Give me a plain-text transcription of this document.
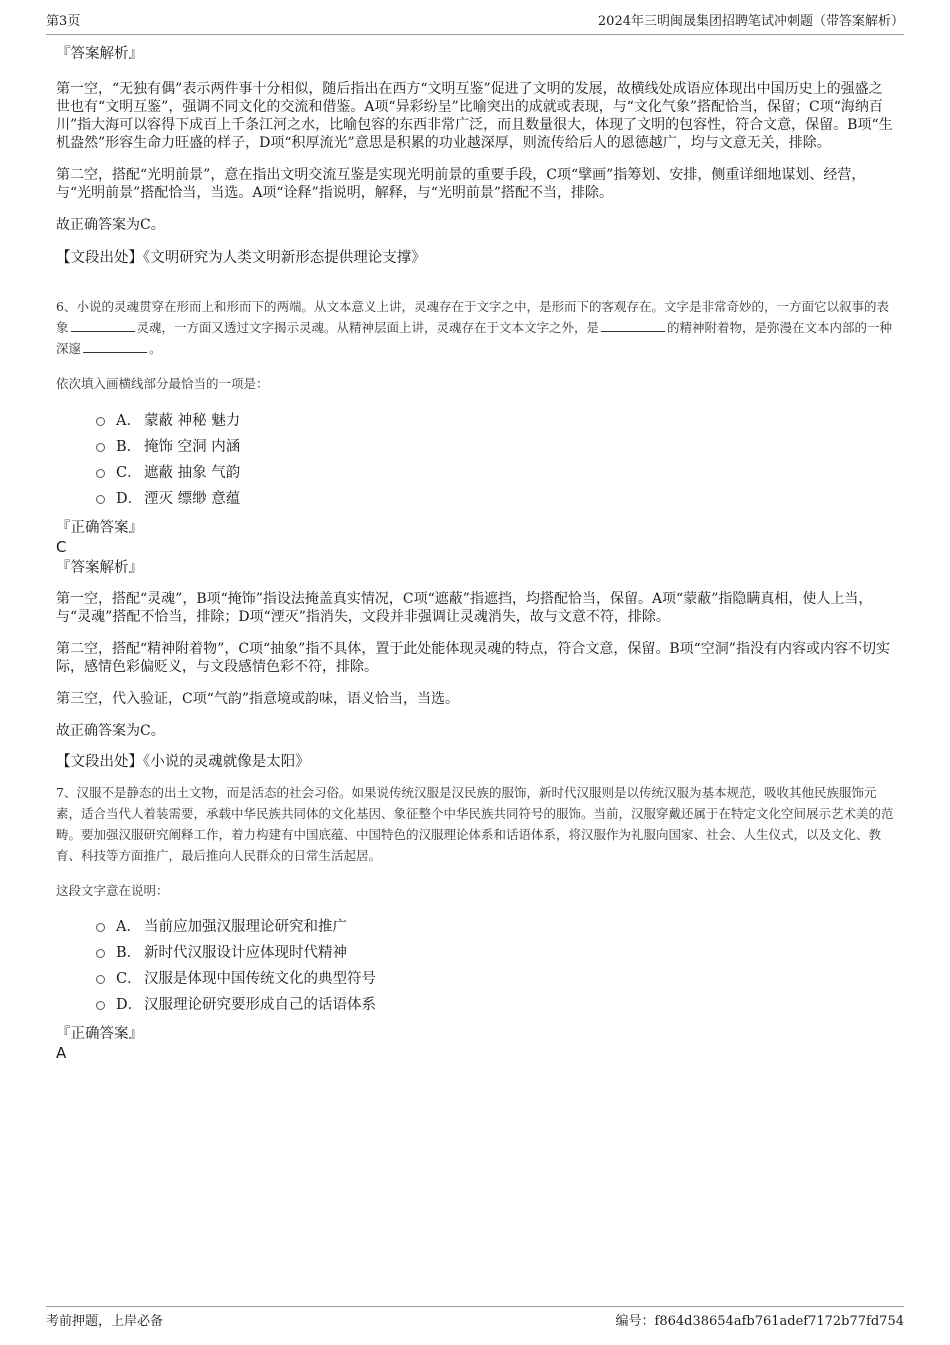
第3页	2024年三明闽晟集团招聘笔试冲刺题（带答案解析）

『答案解析』

第一空，“无独有偶”表示两件事十分相似，随后指出在西方“文明互鉴”促进了文明的发展，故横线处成语应体现出中国历史上的强盛之世也有“文明互鉴”，强调不同文化的交流和借鉴。A项“异彩纷呈”比喻突出的成就或表现，与“文化气象”搭配恰当，保留；C项“海纳百川”指大海可以容得下成百上千条江河之水，比喻包容的东西非常广泛，而且数量很大，体现了文明的包容性，符合文意，保留。B项“生机盎然”形容生命力旺盛的样子，D项“积厚流光”意思是积累的功业越深厚，则流传给后人的恩德越广，均与文意无关，排除。

第二空，搭配“光明前景”，意在指出文明交流互鉴是实现光明前景的重要手段，C项“擘画”指筹划、安排，侧重详细地谋划、经营，与“光明前景”搭配恰当，当选。A项“诠释”指说明，解释，与“光明前景”搭配不当，排除。

故正确答案为C。

【文段出处】《文明研究为人类文明新形态提供理论支撑》

6、小说的灵魂贯穿在形而上和形而下的两端。从文本意义上讲，灵魂存在于文字之中，是形而下的客观存在。文字是非常奇妙的，一方面它以叙事的表象	灵魂，一方面又透过文字揭示灵魂。从精神层面上讲，灵魂存在于文本文字之外，是	的精神附着物，是弥漫在文本内部的一种深邃	。

依次填入画横线部分最恰当的一项是：

A． 蒙蔽 神秘 魅力
B． 掩饰 空洞 内涵
C． 遮蔽 抽象 气韵
D． 湮灭 缥缈 意蕴

『正确答案』

C

『答案解析』

第一空，搭配“灵魂”，B项“掩饰”指设法掩盖真实情况，C项“遮蔽”指遮挡，均搭配恰当，保留。A项“蒙蔽”指隐瞒真相，使人上当，与“灵魂”搭配不恰当，排除；D项“湮灭”指消失，文段并非强调让灵魂消失，故与文意不符，排除。

第二空，搭配“精神附着物”，C项“抽象”指不具体，置于此处能体现灵魂的特点，符合文意，保留。B项“空洞”指没有内容或内容不切实际，感情色彩偏贬义，与文段感情色彩不符，排除。

第三空，代入验证，C项“气韵”指意境或韵味，语义恰当，当选。

故正确答案为C。

【文段出处】《小说的灵魂就像是太阳》

7、汉服不是静态的出土文物，而是活态的社会习俗。如果说传统汉服是汉民族的服饰，新时代汉服则是以传统汉服为基本规范，吸收其他民族服饰元素，适合当代人着装需要，承载中华民族共同体的文化基因、象征整个中华民族共同符号的服饰。当前，汉服穿戴还属于在特定文化空间展示艺术美的范畴。要加强汉服研究阐释工作，着力构建有中国底蕴、中国特色的汉服理论体系和话语体系，将汉服作为礼服向国家、社会、人生仪式，以及文化、教育、科技等方面推广，最后推向人民群众的日常生活起居。

这段文字意在说明：

A． 当前应加强汉服理论研究和推广
B． 新时代汉服设计应体现时代精神
C． 汉服是体现中国传统文化的典型符号
D． 汉服理论研究要形成自己的话语体系

『正确答案』

A

考前押题，上岸必备	编号：f864d38654afb761adef7172b77fd754
